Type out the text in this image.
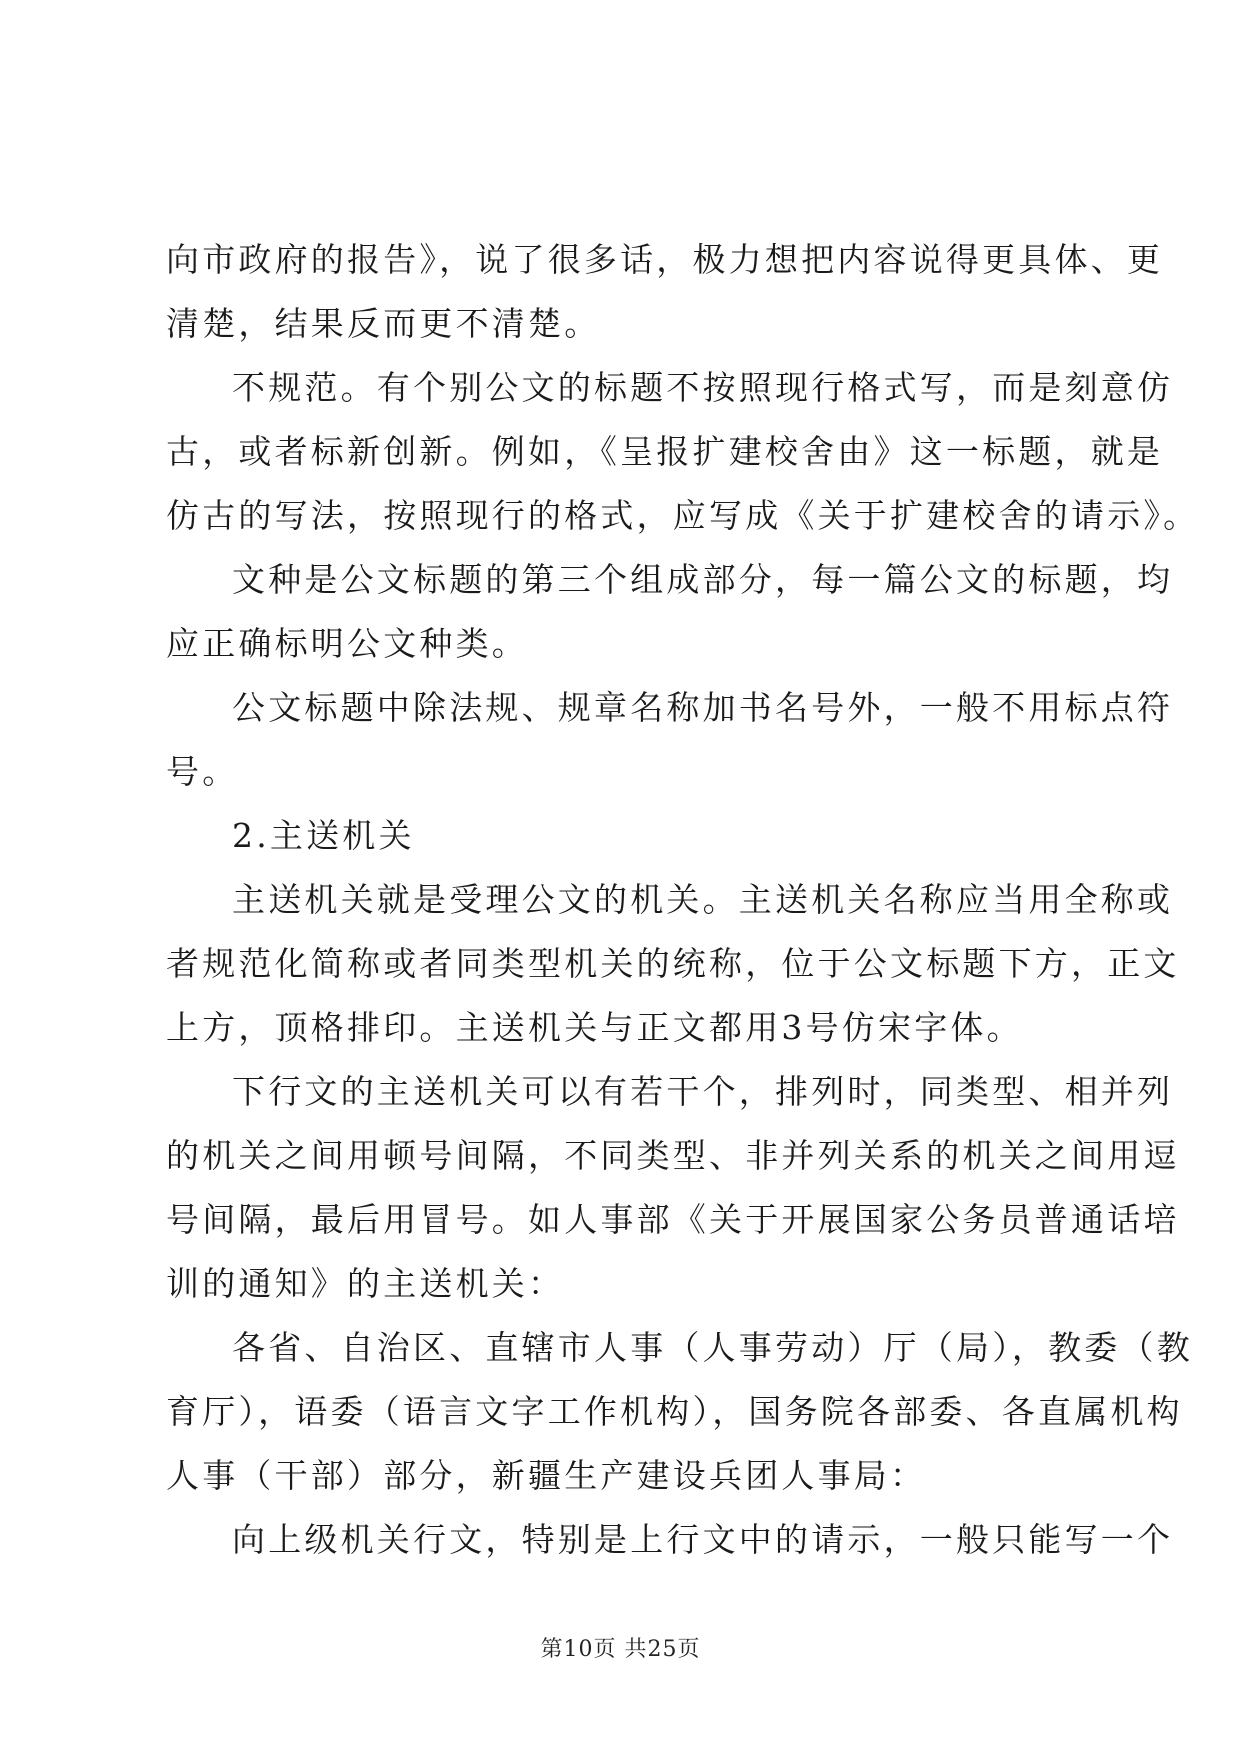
向市政府的报告》，说了很多话，极力想把内容说得更具体、更
清楚，结果反而更不清楚。
不规范。有个别公文的标题不按照现行格式写，而是刻意仿
古，或者标新创新。例如，《呈报扩建校舍由》这一标题，就是
仿古的写法，按照现行的格式，应写成《关于扩建校舍的请示》。
文种是公文标题的第三个组成部分，每一篇公文的标题，均
应正确标明公文种类。
公文标题中除法规、规章名称加书名号外，一般不用标点符
号。
2.主送机关
主送机关就是受理公文的机关。主送机关名称应当用全称或
者规范化简称或者同类型机关的统称，位于公文标题下方，正文
上方，顶格排印。主送机关与正文都用3号仿宋字体。
下行文的主送机关可以有若干个，排列时，同类型、相并列
的机关之间用顿号间隔，不同类型、非并列关系的机关之间用逗
号间隔，最后用冒号。如人事部《关于开展国家公务员普通话培
训的通知》的主送机关：
各省、自治区、直辖市人事（人事劳动）厅（局），教委（教
育厅），语委（语言文字工作机构），国务院各部委、各直属机构
人事（干部）部分，新疆生产建设兵团人事局：
向上级机关行文，特别是上行文中的请示，一般只能写一个
第10页 共25页
